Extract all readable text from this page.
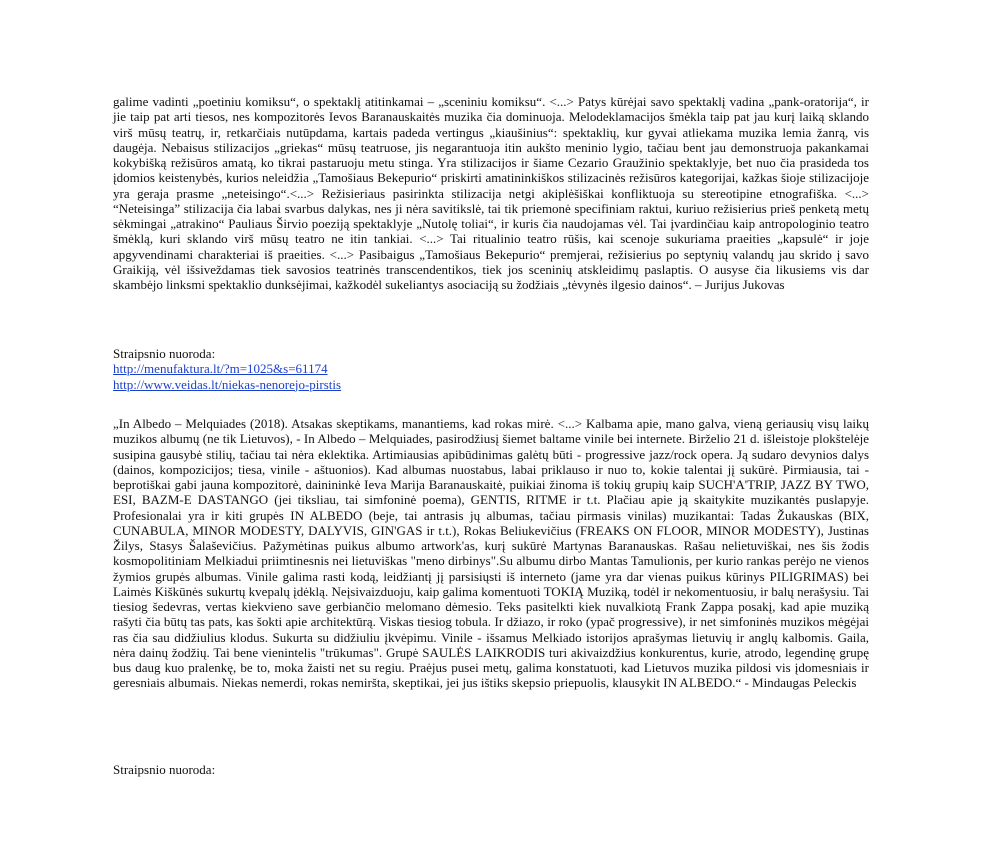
galime vadinti „poetiniu komiksu“, o spektaklį atitinkamai – „sceniniu komiksu“. <...> Patys kūrėjai savo spektaklį vadina „pank-oratorija“, ir jie taip pat arti tiesos, nes kompozitorės Ievos Baranauskaitės muzika čia dominuoja. Melodeklamacijos šmėkla taip pat jau kurį laiką sklando virš mūsų teatrų, ir, retkarčiais nutūpdama, kartais padeda vertingus „kiaušinius“: spektaklių, kur gyvai atliekama muzika lemia žanrą, vis daugėja. Nebaisus stilizacijos „griekas“ mūsų teatruose, jis negarantuoja itin aukšto meninio lygio, tačiau bent jau demonstruoja pakankamai kokybišką režisūros amatą, ko tikrai pastaruoju metu stinga. Yra stilizacijos ir šiame Cezario Graužinio spektaklyje, bet nuo čia prasideda tos įdomios keistenybės, kurios neleidžia „Tamošiaus Bekepurio“ priskirti amatininkiškos stilizacinės režisūros kategorijai, kažkas šioje stilizacijoje yra geraja prasme „neteisingo“.<...> Režisieriaus pasirinkta stilizacija netgi akiplėšiškai konfliktuoja su stereotipine etnografiška. <...> “Neteisinga” stilizacija čia labai svarbus dalykas, nes ji nėra savitikslė, tai tik priemonė specifiniam raktui, kuriuo režisierius prieš penketą metų sėkmingai „atrakino“ Pauliaus Širvio poeziją spektaklyje „Nutolę toliai“, ir kuris čia naudojamas vėl. Tai įvardinčiau kaip antropologinio teatro šmėklą, kuri sklando virš mūsų teatro ne itin tankiai. <...> Tai ritualinio teatro rūšis, kai scenoje sukuriama praeities „kapsulė“ ir joje apgyvendinami charakteriai iš praeities. <...> Pasibaigus „Tamošiaus Bekepurio“ premjerai, režisierius po septynių valandų jau skrido į savo Graikiją, vėl išsiveždamas tiek savosios teatrinės transcendentikos, tiek jos sceninių atskleidimų paslaptis. O ausyse čia likusiems vis dar skambėjo linksmi spektaklio dunksėjimai, kažkodėl sukeliantys asociaciją su žodžiais „tėvynės ilgesio dainos“. – Jurijus Jukovas

Straipsnio nuoroda:
http://menufaktura.lt/?m=1025&s=61174
http://www.veidas.lt/niekas-nenorejo-pirstis

„In Albedo – Melquiades (2018). Atsakas skeptikams, manantiems, kad rokas mirė. <...> Kalbama apie, mano galva, vieną geriausių visų laikų muzikos albumų (ne tik Lietuvos), - In Albedo – Melquiades, pasirodžiusį šiemet baltame vinile bei internete. Birželio 21 d. išleistoje plokštelėje susipina gausybė stilių, tačiau tai nėra eklektika. Artimiausias apibūdinimas galėtų būti - progressive jazz/rock opera. Ją sudaro devynios dalys (dainos, kompozicijos; tiesa, vinile - aštuonios). Kad albumas nuostabus, labai priklauso ir nuo to, kokie talentai jį sukūrė. Pirmiausia, tai - beprotiškai gabi jauna kompozitorė, dainininkė Ieva Marija Baranauskaitė, puikiai žinoma iš tokių grupių kaip SUCH'A'TRIP, JAZZ BY TWO, ESI, BAZM-E DASTANGO (jei tiksliau, tai simfoninė poema), GENTIS, RITME ir t.t. Plačiau apie ją skaitykite muzikantės puslapyje. Profesionalai yra ir kiti grupės IN ALBEDO (beje, tai antrasis jų albumas, tačiau pirmasis vinilas) muzikantai: Tadas Žukauskas (BIX, CUNABULA, MINOR MODESTY, DALYVIS, GIN'GAS ir t.t.), Rokas Beliukevičius (FREAKS ON FLOOR, MINOR MODESTY), Justinas Žilys, Stasys Šalaševičius. Pažymėtinas puikus albumo artwork'as, kurį sukūrė Martynas Baranauskas. Rašau nelietuviškai, nes šis žodis kosmopolitiniam Melkiadui priimtinesnis nei lietuviškas "meno dirbinys".Su albumu dirbo Mantas Tamulionis, per kurio rankas perėjo ne vienos žymios grupės albumas. Vinile galima rasti kodą, leidžiantį jį parsisiųsti iš interneto (jame yra dar vienas puikus kūrinys PILIGRIMAS) bei Laimės Kiškūnės sukurtų kvepalų įdėklą. Neįsivaizduoju, kaip galima komentuoti TOKIĄ Muziką, todėl ir nekomentuosiu, ir balų nerašysiu. Tai tiesiog šedevras, vertas kiekvieno save gerbiančio melomano dėmesio. Teks pasitelkti kiek nuvalkiotą Frank Zappa posakį, kad apie muziką rašyti čia būtų tas pats, kas šokti apie architektūrą. Viskas tiesiog tobula. Ir džiazo, ir roko (ypač progressive), ir net simfoninės muzikos mėgėjai ras čia sau didžiulius klodus. Sukurta su didžiuliu įkvėpimu. Vinile - išsamus Melkiado istorijos aprašymas lietuvių ir anglų kalbomis. Gaila, nėra dainų žodžių. Tai bene vienintelis "trūkumas". Grupė SAULĖS LAIKRODIS turi akivaizdžius konkurentus, kurie, atrodo, legendinę grupę bus daug kuo pralenkę, be to, moka žaisti net su regiu. Praėjus pusei metų, galima konstatuoti, kad Lietuvos muzika pildosi vis įdomesniais ir geresniais albumais. Niekas nemerdi, rokas nemiršta, skeptikai, jei jus ištiks skepsio priepuolis, klausykit IN ALBEDO.“ - Mindaugas Peleckis

Straipsnio nuoroda:
